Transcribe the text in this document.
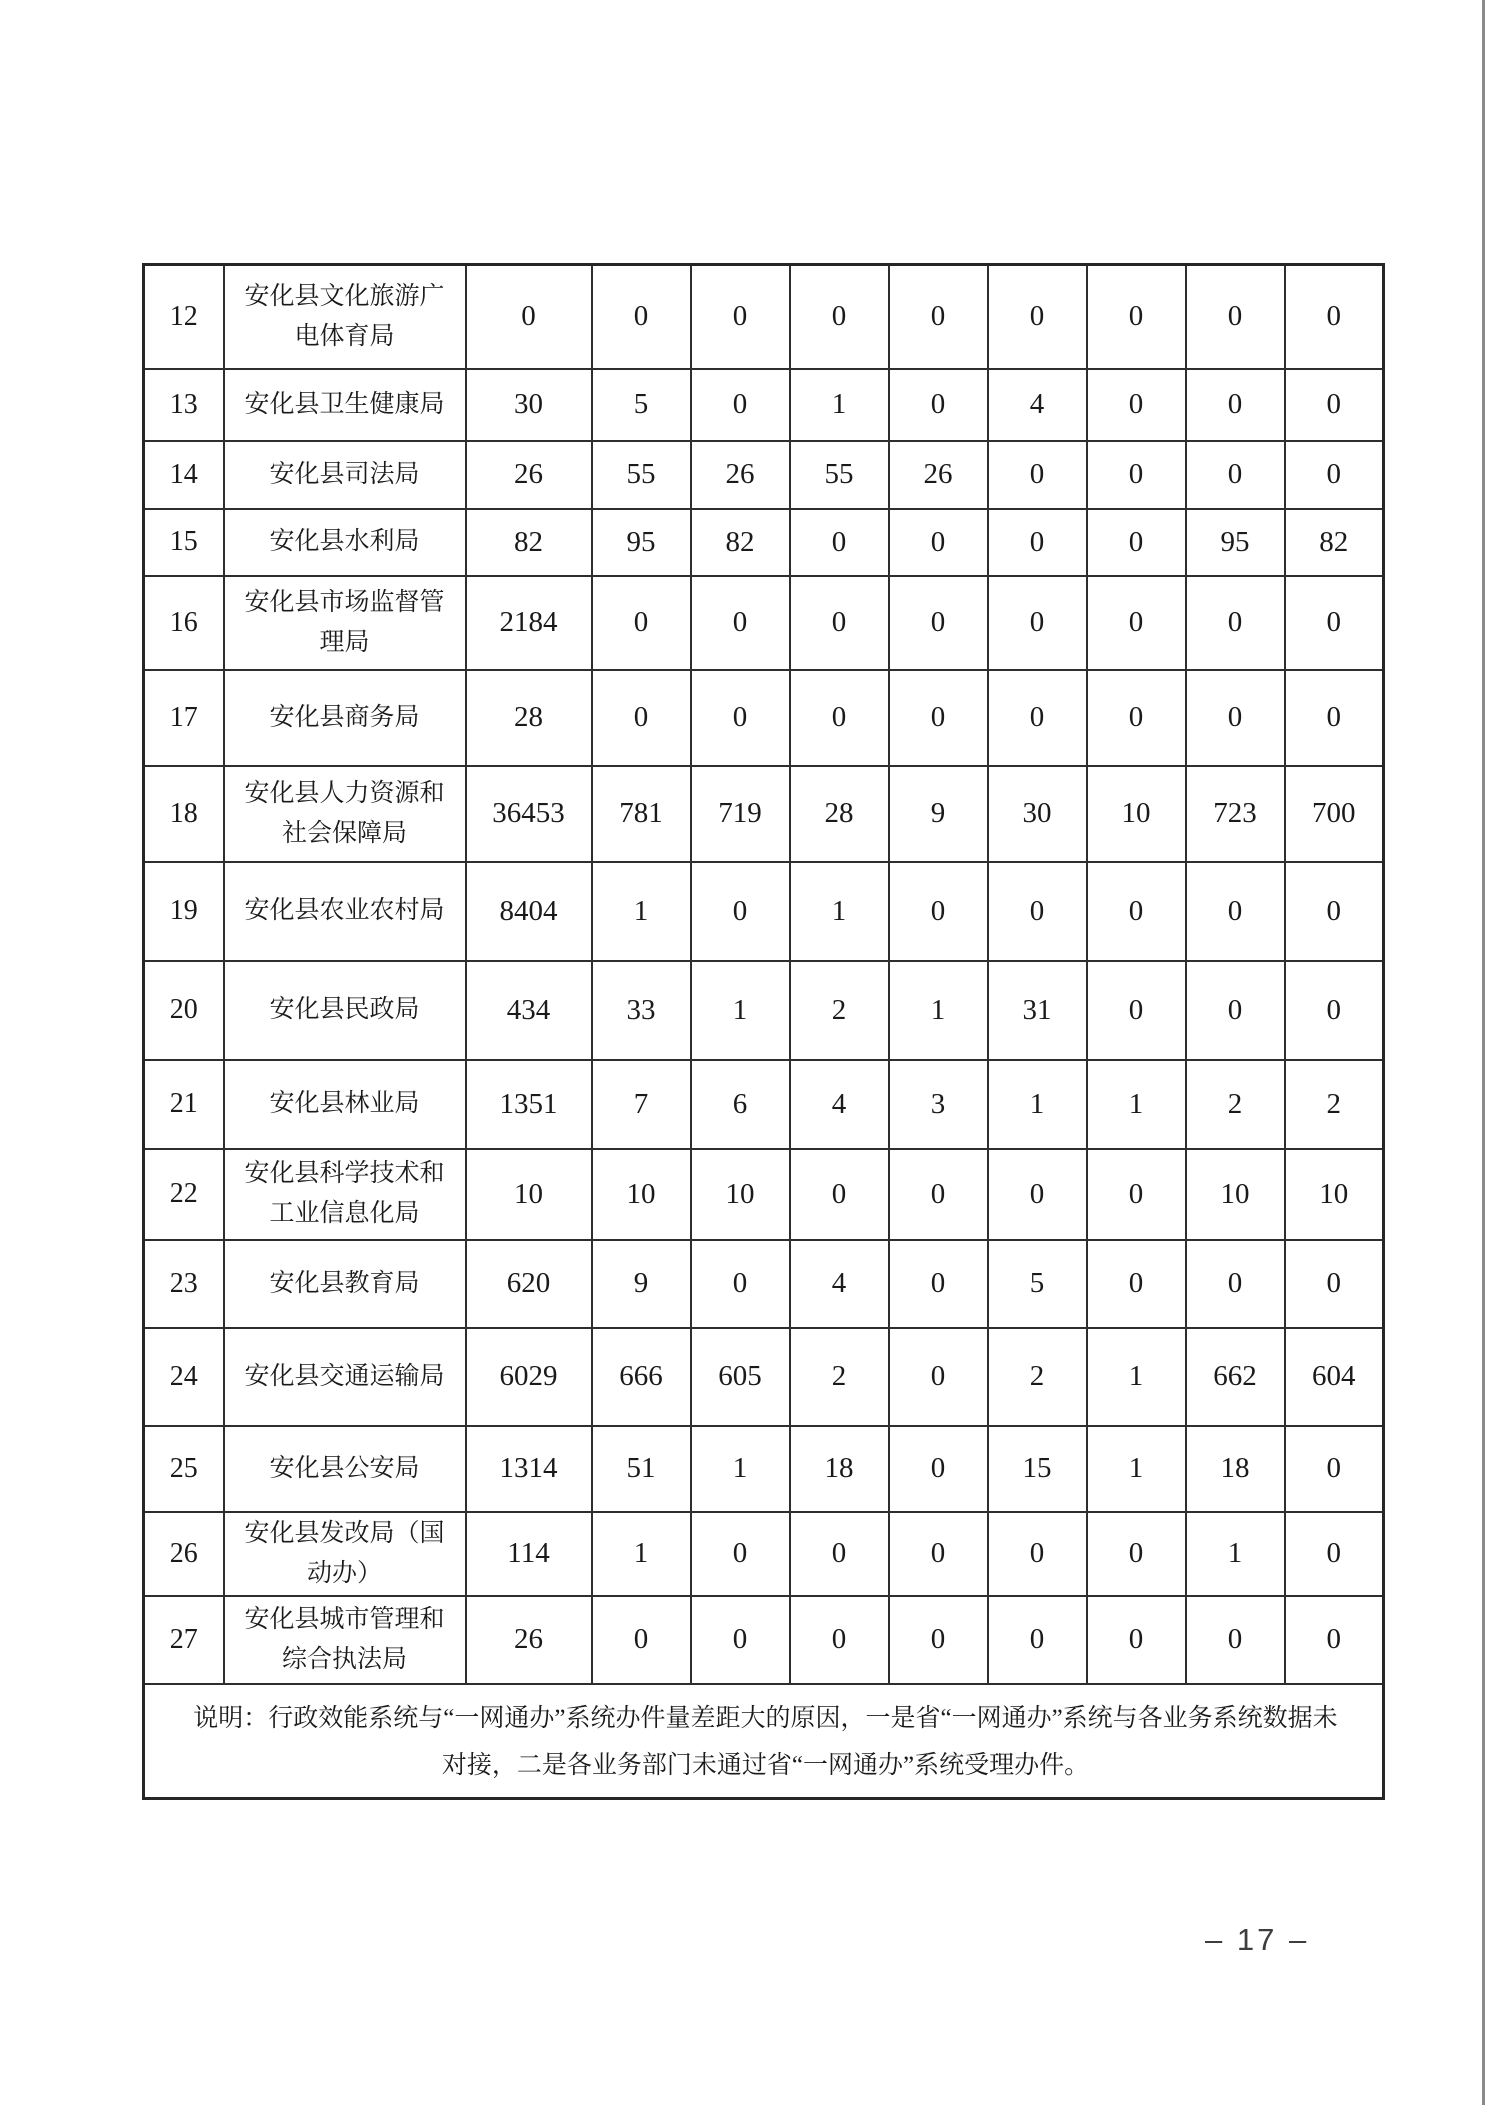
12	安化县文化旅游广电体育局	0	0	0	0	0	0	0	0	0
13	安化县卫生健康局	30	5	0	1	0	4	0	0	0
14	安化县司法局	26	55	26	55	26	0	0	0	0
15	安化县水利局	82	95	82	0	0	0	0	95	82
16	安化县市场监督管理局	2184	0	0	0	0	0	0	0	0
17	安化县商务局	28	0	0	0	0	0	0	0	0
18	安化县人力资源和社会保障局	36453	781	719	28	9	30	10	723	700
19	安化县农业农村局	8404	1	0	1	0	0	0	0	0
20	安化县民政局	434	33	1	2	1	31	0	0	0
21	安化县林业局	1351	7	6	4	3	1	1	2	2
22	安化县科学技术和工业信息化局	10	10	10	0	0	0	0	10	10
23	安化县教育局	620	9	0	4	0	5	0	0	0
24	安化县交通运输局	6029	666	605	2	0	2	1	662	604
25	安化县公安局	1314	51	1	18	0	15	1	18	0
26	安化县发改局（国动办）	114	1	0	0	0	0	0	1	0
27	安化县城市管理和综合执法局	26	0	0	0	0	0	0	0	0

说明：行政效能系统与“一网通办”系统办件量差距大的原因，一是省“一网通办”系统与各业务系统数据未
对接，二是各业务部门未通过省“一网通办”系统受理办件。										
– 17 –
